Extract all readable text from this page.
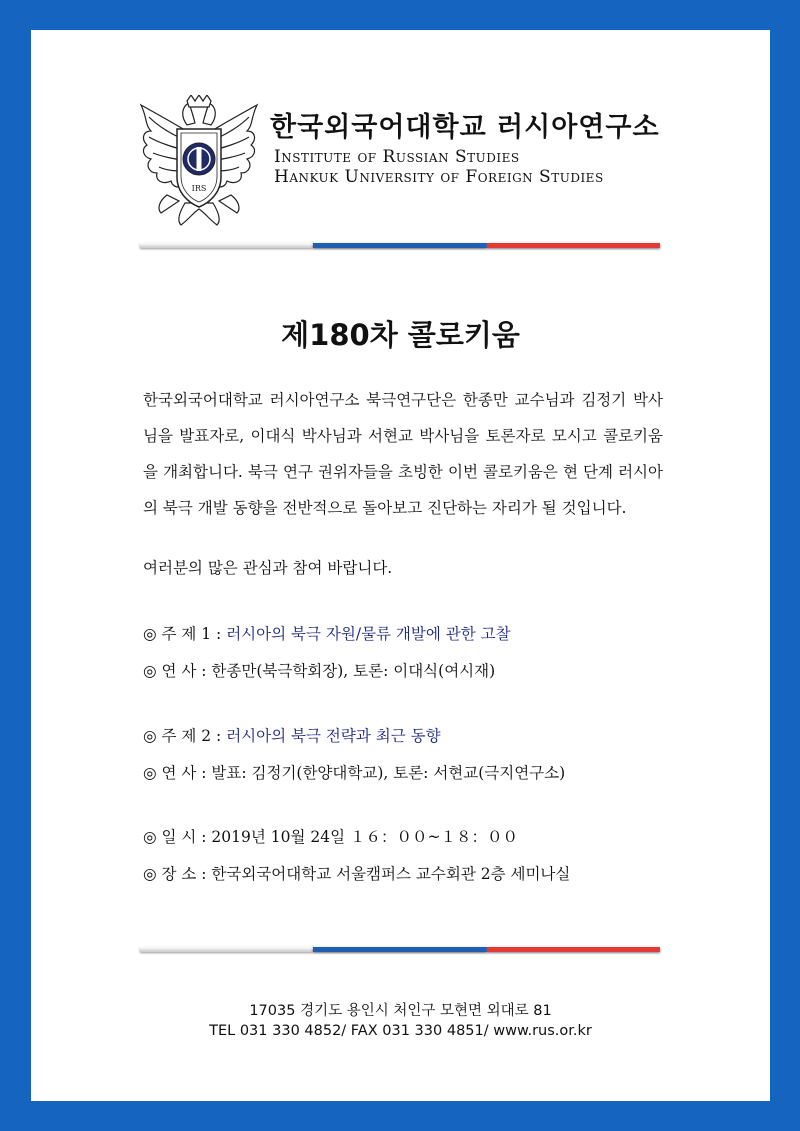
IRS
한국외국어대학교 러시아연구소
Institute of Russian Studies
Hankuk University of Foreign Studies
제180차 콜로키움
한국외국어대학교 러시아연구소 북극연구단은 한종만 교수님과 김정기 박사님을 발표자로, 이대식 박사님과 서현교 박사님을 토론자로 모시고 콜로키움을 개최합니다. 북극 연구 권위자들을 초빙한 이번 콜로키움은 현 단계 러시아의 북극 개발 동향을 전반적으로 돌아보고 진단하는 자리가 될 것입니다.
여러분의 많은 관심과 참여 바랍니다.
◎ 주 제 1 : 러시아의 북극 자원/물류 개발에 관한 고찰
◎ 연 사 : 한종만(북극학회장), 토론: 이대식(여시재)
◎ 주 제 2 : 러시아의 북극 전략과 최근 동향
◎ 연 사 : 발표: 김정기(한양대학교), 토론: 서현교(극지연구소)
◎ 일 시 : 2019년 10월 24일 １６：００~１８：００
◎ 장 소 : 한국외국어대학교 서울캠퍼스 교수회관 2층 세미나실
17035 경기도 용인시 처인구 모현면 외대로 81
TEL 031 330 4852/ FAX 031 330 4851/ www.rus.or.kr
